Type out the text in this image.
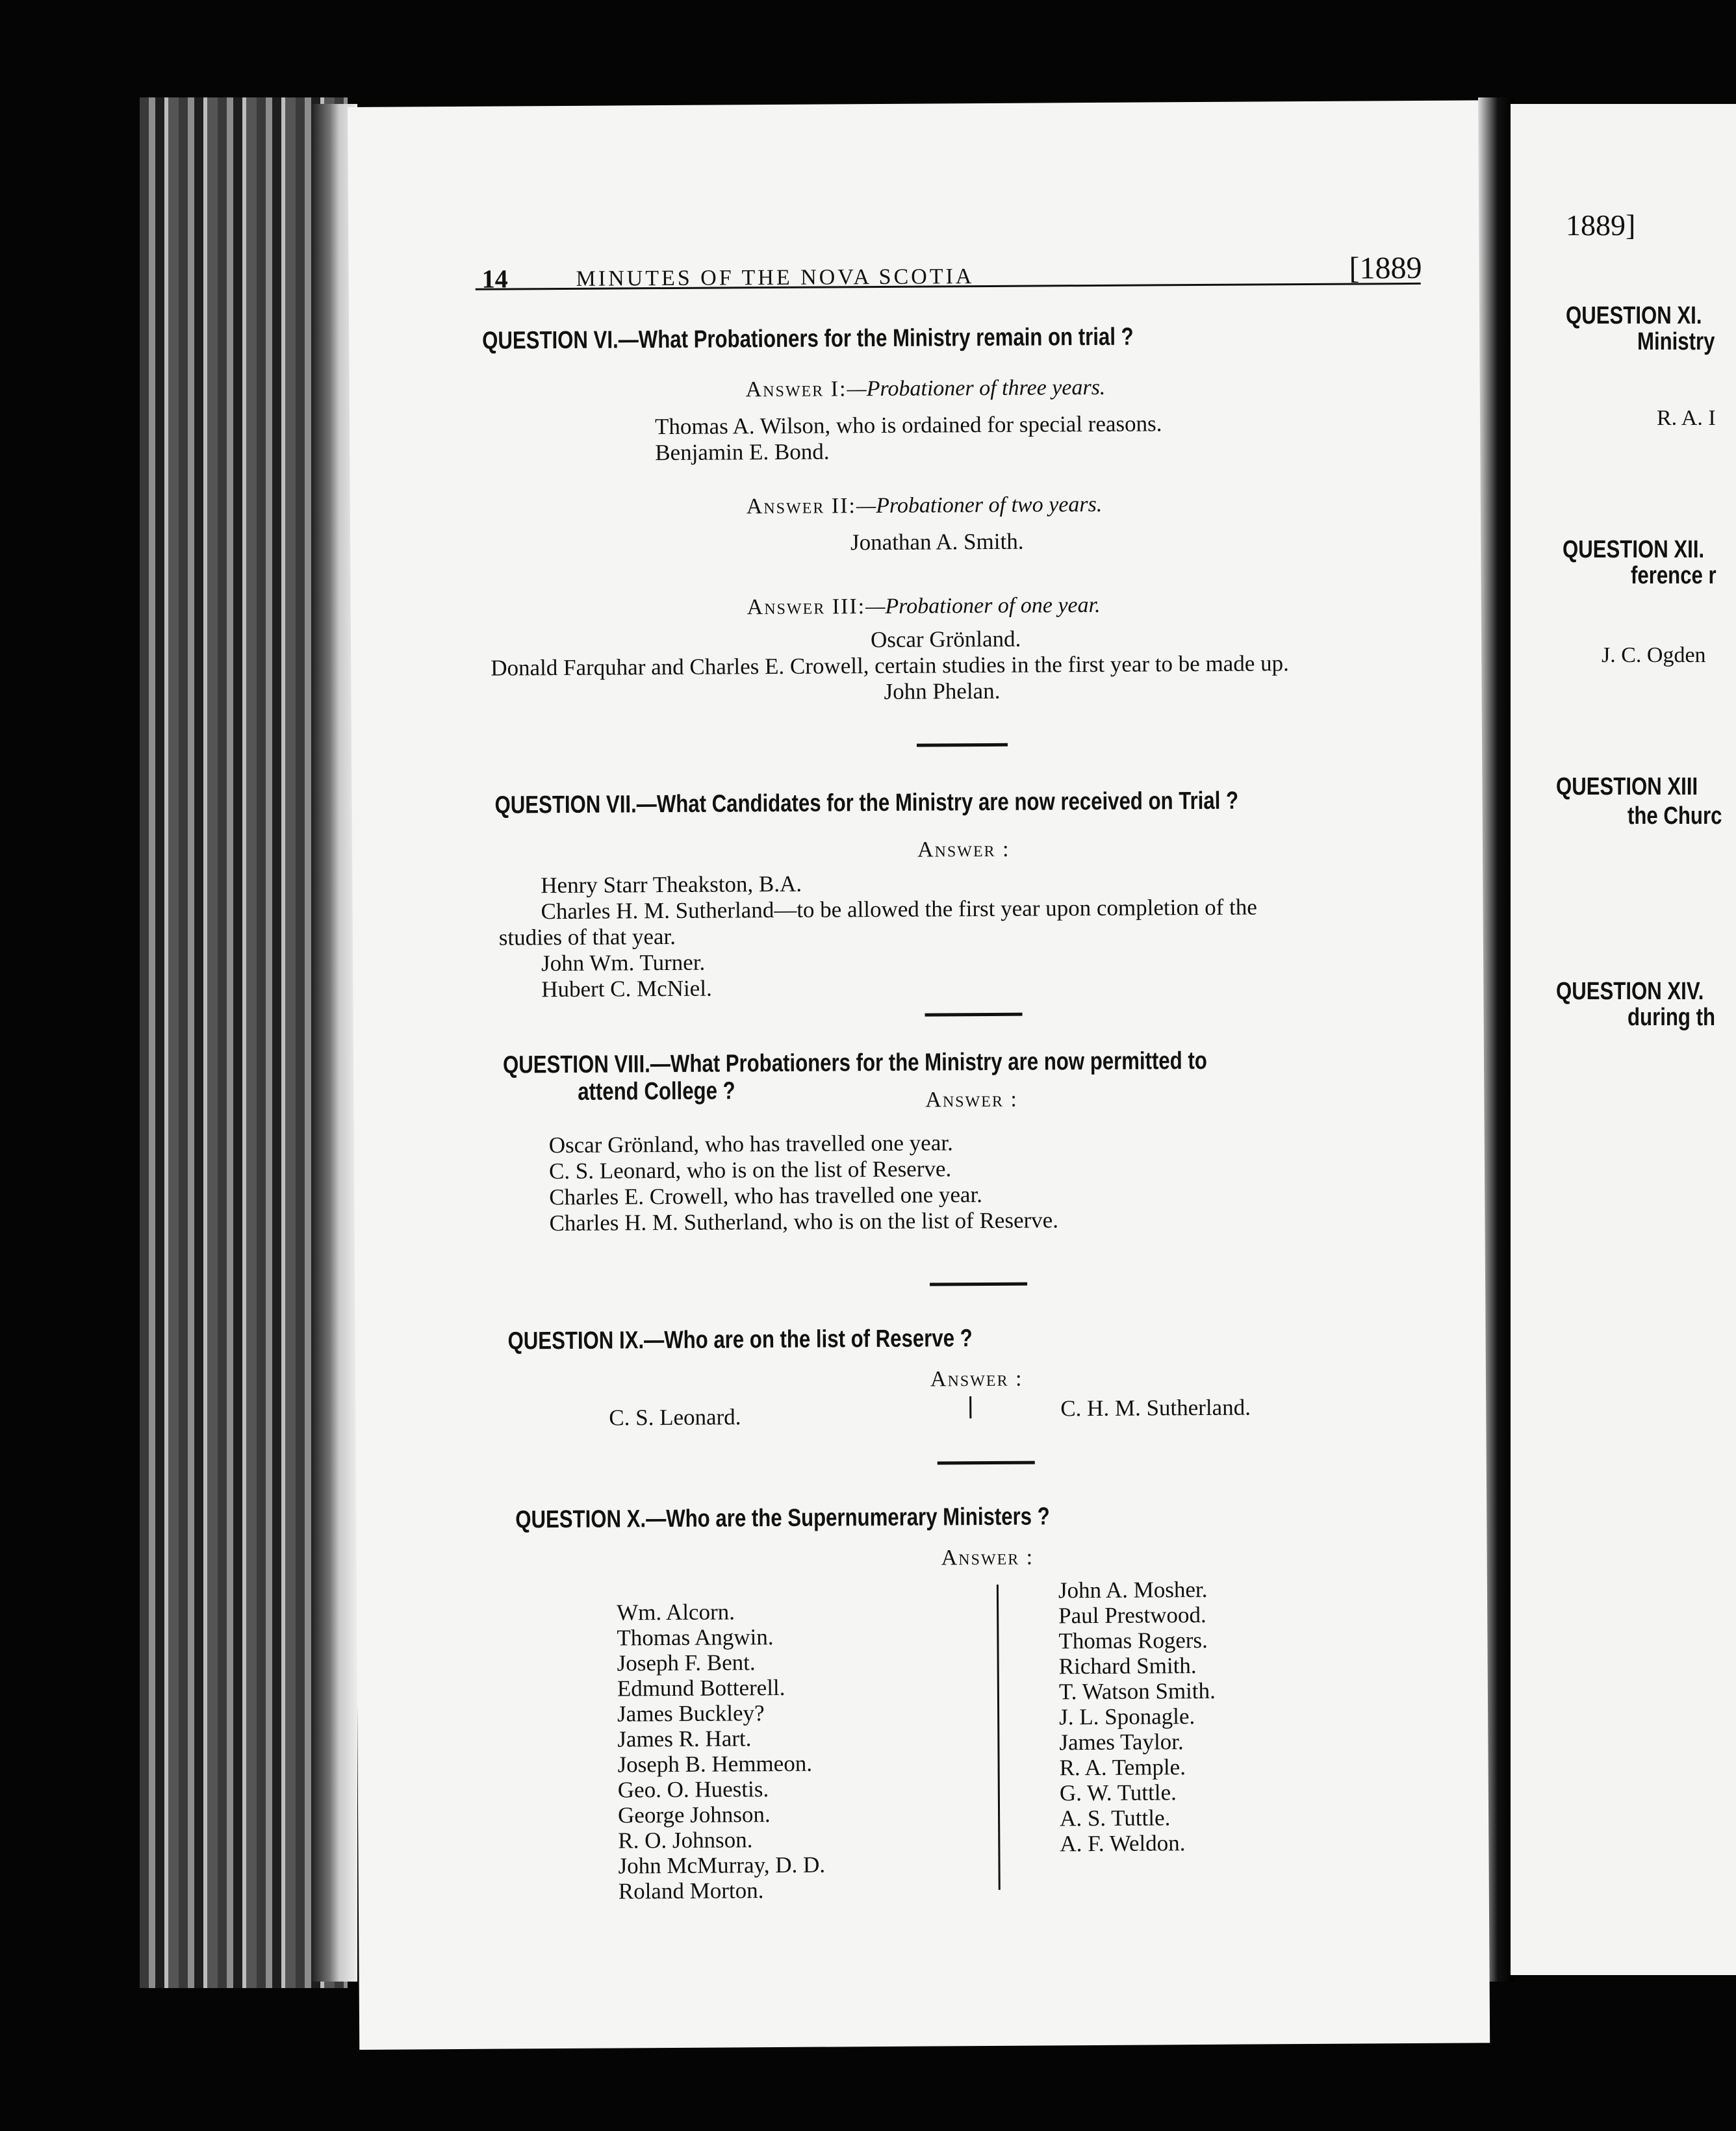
1889]
QUESTION XI.
Ministry
R. A. I
QUESTION XII.
ference r
J. C. Ogden
QUESTION XIII
the Churc
QUESTION XIV.
during th
14	MINUTES OF THE NOVA SCOTIA	[1889
QUESTION VI.—What Probationers for the Ministry remain on trial ?
Answer I:—Probationer of three years.
Thomas A. Wilson, who is ordained for special reasons.
Benjamin E. Bond.
Answer II:—Probationer of two years.
Jonathan A. Smith.
Answer III:—Probationer of one year.
Oscar Grönland.
Donald Farquhar and Charles E. Crowell, certain studies in the first year to be made up.
John Phelan.
QUESTION VII.—What Candidates for the Ministry are now received on Trial ?
Answer :
Henry Starr Theakston, B.A.
Charles H. M. Sutherland—to be allowed the first year upon completion of the
studies of that year.
John Wm. Turner.
Hubert C. McNiel.
QUESTION VIII.—What Probationers for the Ministry are now permitted to
attend College ?	Answer :
Oscar Grönland, who has travelled one year.
C. S. Leonard, who is on the list of Reserve.
Charles E. Crowell, who has travelled one year.
Charles H. M. Sutherland, who is on the list of Reserve.
QUESTION IX.—Who are on the list of Reserve ?
Answer :
C. S. Leonard.	C. H. M. Sutherland.
QUESTION X.—Who are the Supernumerary Ministers ?
Answer :
Wm. Alcorn.
Thomas Angwin.
Joseph F. Bent.
Edmund Botterell.
James Buckley?
James R. Hart.
Joseph B. Hemmeon.
Geo. O. Huestis.
George Johnson.
R. O. Johnson.
John McMurray, D. D.
Roland Morton.
John A. Mosher.
Paul Prestwood.
Thomas Rogers.
Richard Smith.
T. Watson Smith.
J. L. Sponagle.
James Taylor.
R. A. Temple.
G. W. Tuttle.
A. S. Tuttle.
A. F. Weldon.
